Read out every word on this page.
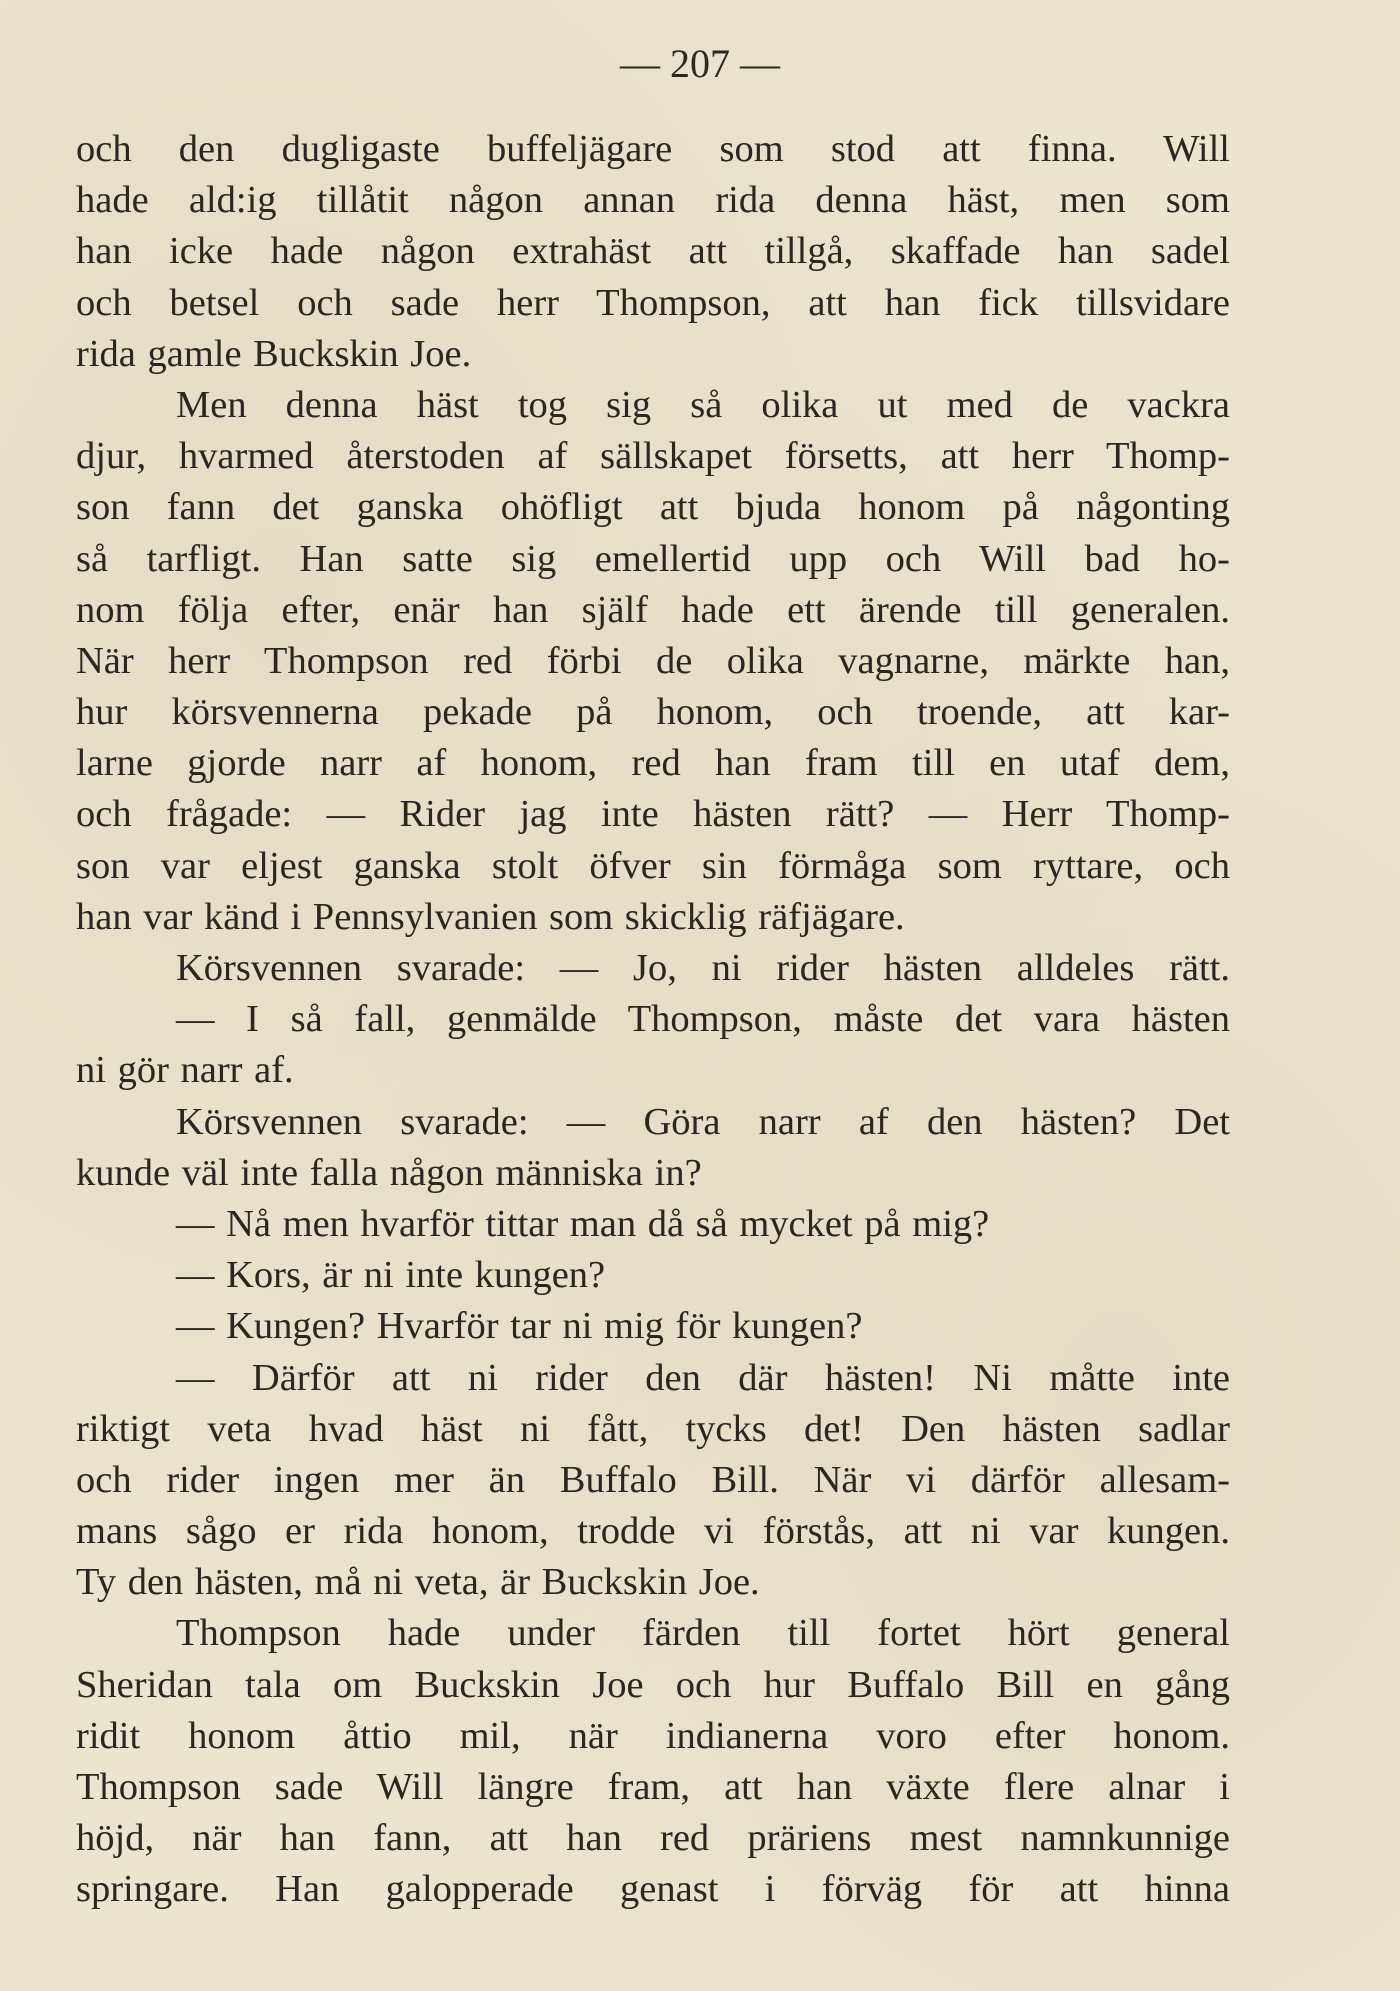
— 207 —
och den dugligaste buffeljägare som stod att finna. Will
hade ald:ig tillåtit någon annan rida denna häst, men som
han icke hade någon extrahäst att tillgå, skaffade han sadel
och betsel och sade herr Thompson, att han fick tillsvidare
rida gamle Buckskin Joe.
Men denna häst tog sig så olika ut med de vackra
djur, hvarmed återstoden af sällskapet försetts, att herr Thomp-
son fann det ganska ohöfligt att bjuda honom på någonting
så tarfligt. Han satte sig emellertid upp och Will bad ho-
nom följa efter, enär han själf hade ett ärende till generalen.
När herr Thompson red förbi de olika vagnarne, märkte han,
hur körsvennerna pekade på honom, och troende, att kar-
larne gjorde narr af honom, red han fram till en utaf dem,
och frågade: — Rider jag inte hästen rätt? — Herr Thomp-
son var eljest ganska stolt öfver sin förmåga som ryttare, och
han var känd i Pennsylvanien som skicklig räfjägare.
Körsvennen svarade: — Jo, ni rider hästen alldeles rätt.
— I så fall, genmälde Thompson, måste det vara hästen
ni gör narr af.
Körsvennen svarade: — Göra narr af den hästen? Det
kunde väl inte falla någon människa in?
— Nå men hvarför tittar man då så mycket på mig?
— Kors, är ni inte kungen?
— Kungen? Hvarför tar ni mig för kungen?
— Därför att ni rider den där hästen! Ni måtte inte
riktigt veta hvad häst ni fått, tycks det! Den hästen sadlar
och rider ingen mer än Buffalo Bill. När vi därför allesam-
mans sågo er rida honom, trodde vi förstås, att ni var kungen.
Ty den hästen, må ni veta, är Buckskin Joe.
Thompson hade under färden till fortet hört general
Sheridan tala om Buckskin Joe och hur Buffalo Bill en gång
ridit honom åttio mil, när indianerna voro efter honom.
Thompson sade Will längre fram, att han växte flere alnar i
höjd, när han fann, att han red präriens mest namnkunnige
springare. Han galopperade genast i förväg för att hinna
